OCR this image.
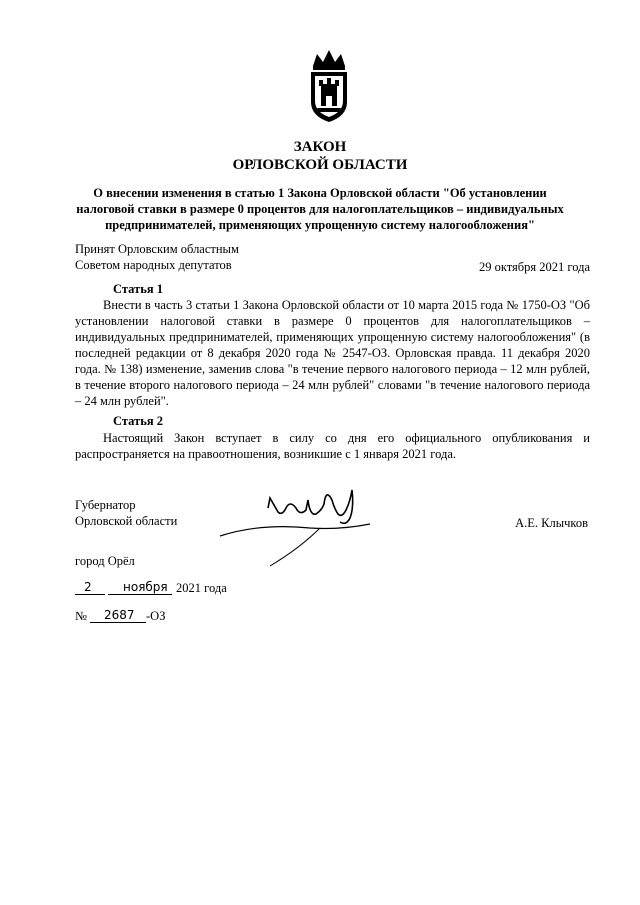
ЗАКОН
ОРЛОВСКОЙ ОБЛАСТИ
О внесении изменения в статью 1 Закона Орловской области "Об установлении
налоговой ставки в размере 0 процентов для налогоплательщиков – индивидуальных
предпринимателей, применяющих упрощенную систему налогообложения"
Принят Орловским областным
Советом народных депутатов	29 октября 2021 года
Статья 1
Внести в часть 3 статьи 1 Закона Орловской области от 10 марта 2015 года № 1750-ОЗ "Об установлении налоговой ставки в размере 0 процентов для налогоплательщиков – индивидуальных предпринимателей, применяющих упрощенную систему налогообложения" (в последней редакции от 8 декабря 2020 года № 2547-ОЗ. Орловская правда. 11 декабря 2020 года. № 138) изменение, заменив слова "в течение первого налогового периода – 12 млн рублей, в течение второго налогового периода – 24 млн рублей" словами "в течение налогового периода – 24 млн рублей".
Статья 2
Настоящий Закон вступает в силу со дня его официального опубликования и распространяется на правоотношения, возникшие с 1 января 2021 года.
Губернатор
Орловской области	А.Е. Клычков
город Орёл
2	ноября 2021 года
№ 2687 -ОЗ
